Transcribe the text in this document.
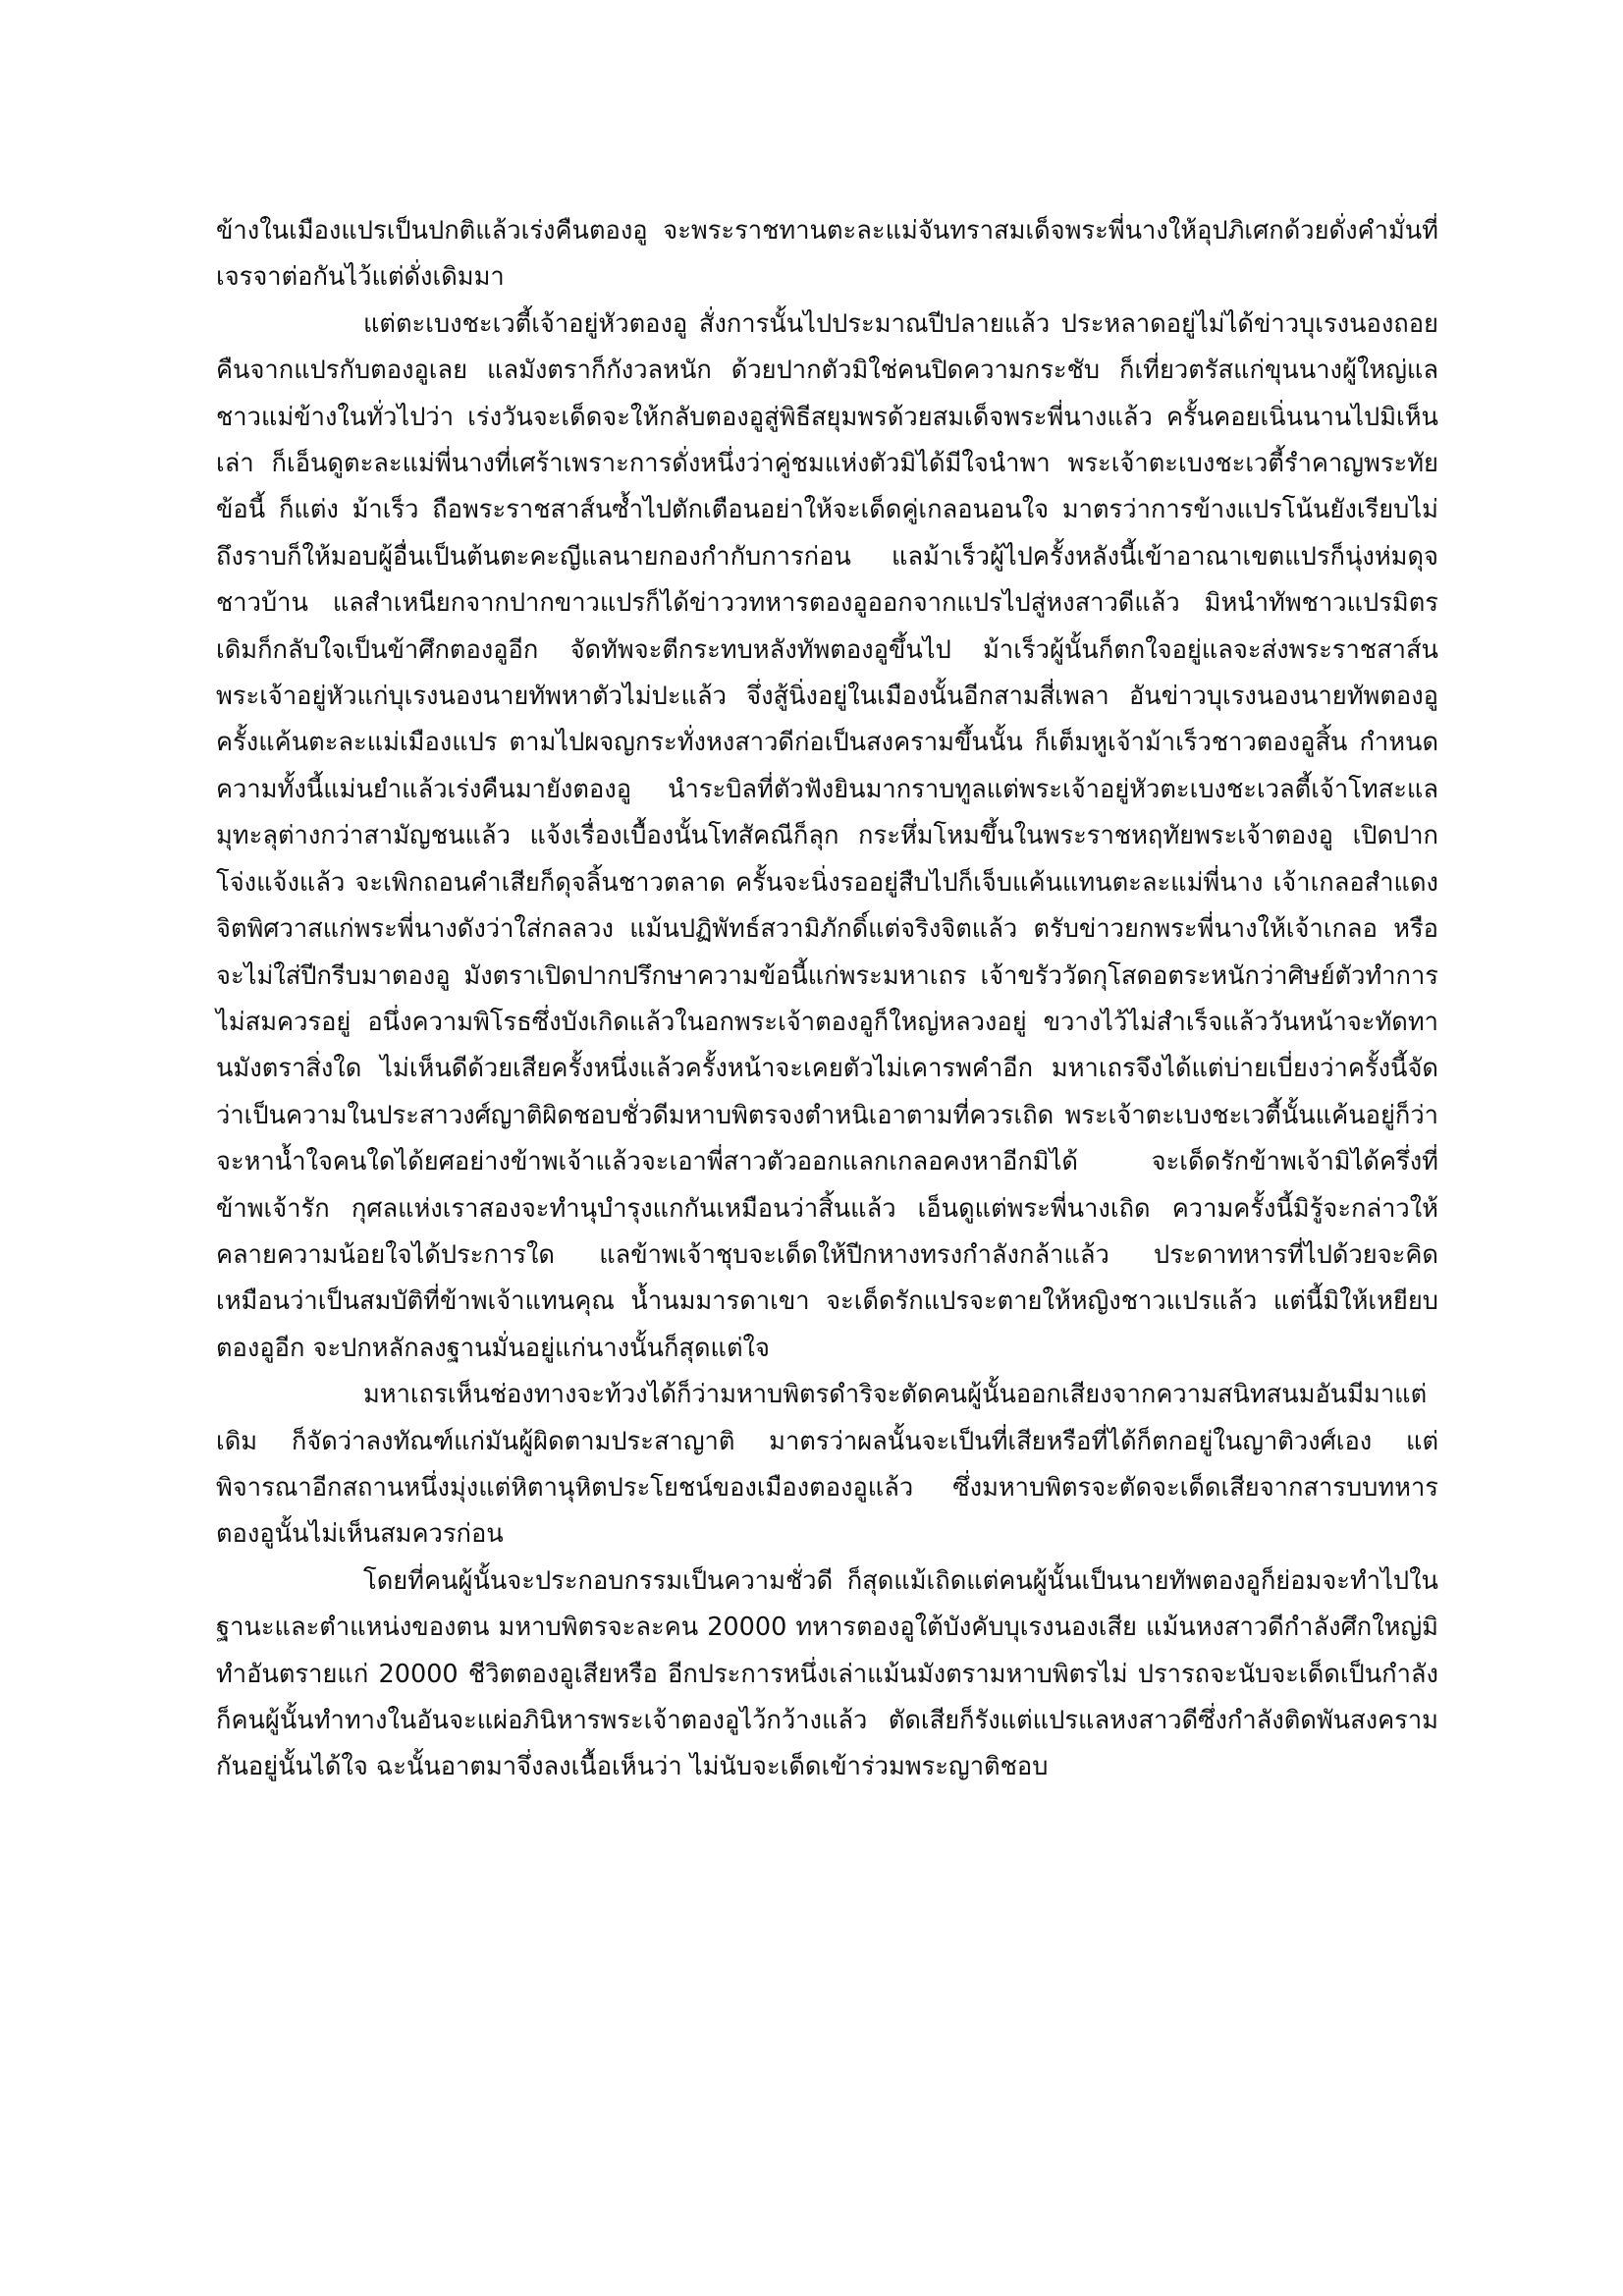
ข้างในเมืองแปรเป็นปกติแล้วเร่งคืนตองอู จะพระราชทานตะละแม่จันทราสมเด็จพระพี่นางให้อุปภิเศกด้วยดั่งคำมั่นที่เจรจาต่อกันไว้แต่ดั่งเดิมมา

แต่ตะเบงชะเวตี้เจ้าอยู่หัวตองอู สั่งการนั้นไปประมาณปีปลายแล้ว ประหลาดอยู่ไม่ได้ข่าวบุเรงนองถอยคืนจากแปรกับตองอูเลย แลมังตราก็กังวลหนัก ด้วยปากตัวมิใช่คนปิดความกระชับ ก็เที่ยวตรัสแก่ขุนนางผู้ใหญ่แลชาวแม่ข้างในทั่วไปว่า เร่งวันจะเด็ดจะให้กลับตองอูสู่พิธีสยุมพรด้วยสมเด็จพระพี่นางแล้ว ครั้นคอยเนิ่นนานไปมิเห็นเล่า ก็เอ็นดูตะละแม่พี่นางที่เศร้าเพราะการดั่งหนึ่งว่าคู่ชมแห่งตัวมิได้มีใจนำพา พระเจ้าตะเบงชะเวตี้รำคาญพระทัยข้อนี้ ก็แต่ง ม้าเร็ว ถือพระราชสาส์นซ้ำไปตักเตือนอย่าให้จะเด็ดคู่เกลอนอนใจ มาตรว่าการข้างแปรโน้นยังเรียบไม่ถึงราบก็ให้มอบผู้อื่นเป็นต้นตะคะญีแลนายกองกำกับการก่อน แลม้าเร็วผู้ไปครั้งหลังนี้เข้าอาณาเขตแปรก็นุ่งห่มดุจชาวบ้าน แลสำเหนียกจากปากขาวแปรก็ได้ข่าววทหารตองอูออกจากแปรไปสู่หงสาวดีแล้ว มิหนำทัพชาวแปรมิตรเดิมก็กลับใจเป็นข้าศึกตองอูอีก จัดทัพจะตีกระทบหลังทัพตองอูขึ้นไป ม้าเร็วผู้นั้นก็ตกใจอยู่แลจะส่งพระราชสาส์นพระเจ้าอยู่หัวแก่บุเรงนองนายทัพหาตัวไม่ปะแล้ว จึ่งสู้นิ่งอยู่ในเมืองนั้นอีกสามสี่เพลา อันข่าวบุเรงนองนายทัพตองอูครั้งแค้นตะละแม่เมืองแปร ตามไปผจญกระทั่งหงสาวดีก่อเป็นสงครามขึ้นนั้น ก็เต็มหูเจ้าม้าเร็วชาวตองอูสิ้น กำหนดความทั้งนี้แม่นยำแล้วเร่งคืนมายังตองอู นำระบิลที่ตัวฟังยินมากราบทูลแต่พระเจ้าอยู่หัวตะเบงชะเวลตี้เจ้าโทสะแลมุทะลุต่างกว่าสามัญชนแล้ว แจ้งเรื่องเบื้องนั้นโทสัคณีก็ลุก กระหึ่มโหมขึ้นในพระราชหฤทัยพระเจ้าตองอู เปิดปากโจ่งแจ้งแล้ว จะเพิกถอนคำเสียก็ดุจลิ้นชาวตลาด ครั้นจะนิ่งรออยู่สืบไปก็เจ็บแค้นแทนตะละแม่พี่นาง เจ้าเกลอสำแดงจิตพิศวาสแก่พระพี่นางดังว่าใส่กลลวง แม้นปฏิพัทธ์สวามิภักดิ์แต่จริงจิตแล้ว ตรับข่าวยกพระพี่นางให้เจ้าเกลอ หรือจะไม่ใส่ปีกรีบมาตองอู มังตราเปิดปากปรึกษาความข้อนี้แก่พระมหาเถร เจ้าขรัววัดกุโสดอตระหนักว่าศิษย์ตัวทำการไม่สมควรอยู่ อนึ่งความพิโรธซึ่งบังเกิดแล้วในอกพระเจ้าตองอูก็ใหญ่หลวงอยู่ ขวางไว้ไม่สำเร็จแล้ววันหน้าจะทัดทานมังตราสิ่งใด ไม่เห็นดีด้วยเสียครั้งหนึ่งแล้วครั้งหน้าจะเคยตัวไม่เคารพคำอีก มหาเถรจึงได้แต่บ่ายเบี่ยงว่าครั้งนี้จัดว่าเป็นความในประสาวงศ์ญาติผิดชอบชั่วดีมหาบพิตรจงตำหนิเอาตามที่ควรเถิด พระเจ้าตะเบงชะเวตี้นั้นแค้นอยู่ก็ว่า จะหาน้ำใจคนใดได้ยศอย่างข้าพเจ้าแล้วจะเอาพี่สาวตัวออกแลกเกลอคงหาอีกมิได้ จะเด็ดรักข้าพเจ้ามิได้ครึ่งที่ข้าพเจ้ารัก กุศลแห่งเราสองจะทำนุบำรุงแกกันเหมือนว่าสิ้นแล้ว เอ็นดูแต่พระพี่นางเถิด ความครั้งนี้มิรู้จะกล่าวให้คลายความน้อยใจได้ประการใด แลข้าพเจ้าชุบจะเด็ดให้ปีกหางทรงกำลังกล้าแล้ว ประดาทหารที่ไปด้วยจะคิดเหมือนว่าเป็นสมบัติที่ข้าพเจ้าแทนคุณ น้ำนมมารดาเขา จะเด็ดรักแปรจะตายให้หญิงชาวแปรแล้ว แต่นี้มิให้เหยียบตองอูอีก จะปกหลักลงฐานมั่นอยู่แก่นางนั้นก็สุดแต่ใจ

มหาเถรเห็นช่องทางจะท้วงได้ก็ว่ามหาบพิตรดำริจะตัดคนผู้นั้นออกเสียงจากความสนิทสนมอันมีมาแต่เดิม ก็จัดว่าลงทัณฑ์แก่มันผู้ผิดตามประสาญาติ มาตรว่าผลนั้นจะเป็นที่เสียหรือที่ได้ก็ตกอยู่ในญาติวงศ์เอง แต่พิจารณาอีกสถานหนึ่งมุ่งแต่หิตานุหิตประโยชน์ของเมืองตองอูแล้ว ซึ่งมหาบพิตรจะตัดจะเด็ดเสียจากสารบบทหารตองอูนั้นไม่เห็นสมควรก่อน

โดยที่คนผู้นั้นจะประกอบกรรมเป็นความชั่วดี ก็สุดแม้เถิดแต่คนผู้นั้นเป็นนายทัพตองอูก็ย่อมจะทำไปในฐานะและตำแหน่งของตน มหาบพิตรจะละคน 20000 ทหารตองอูใต้บังคับบุเรงนองเสีย แม้นหงสาวดีกำลังศึกใหญ่มิทำอันตรายแก่ 20000 ชีวิตตองอูเสียหรือ อีกประการหนึ่งเล่าแม้นมังตรามหาบพิตรไม่ ปรารถจะนับจะเด็ดเป็นกำลังก็คนผู้นั้นทำทางในอันจะแผ่อภินิหารพระเจ้าตองอูไว้กว้างแล้ว ตัดเสียก็รังแต่แปรแลหงสาวดีซึ่งกำลังติดพันสงครามกันอยู่นั้นได้ใจ ฉะนั้นอาตมาจึ่งลงเนื้อเห็นว่า ไม่นับจะเด็ดเข้าร่วมพระญาติชอบ
